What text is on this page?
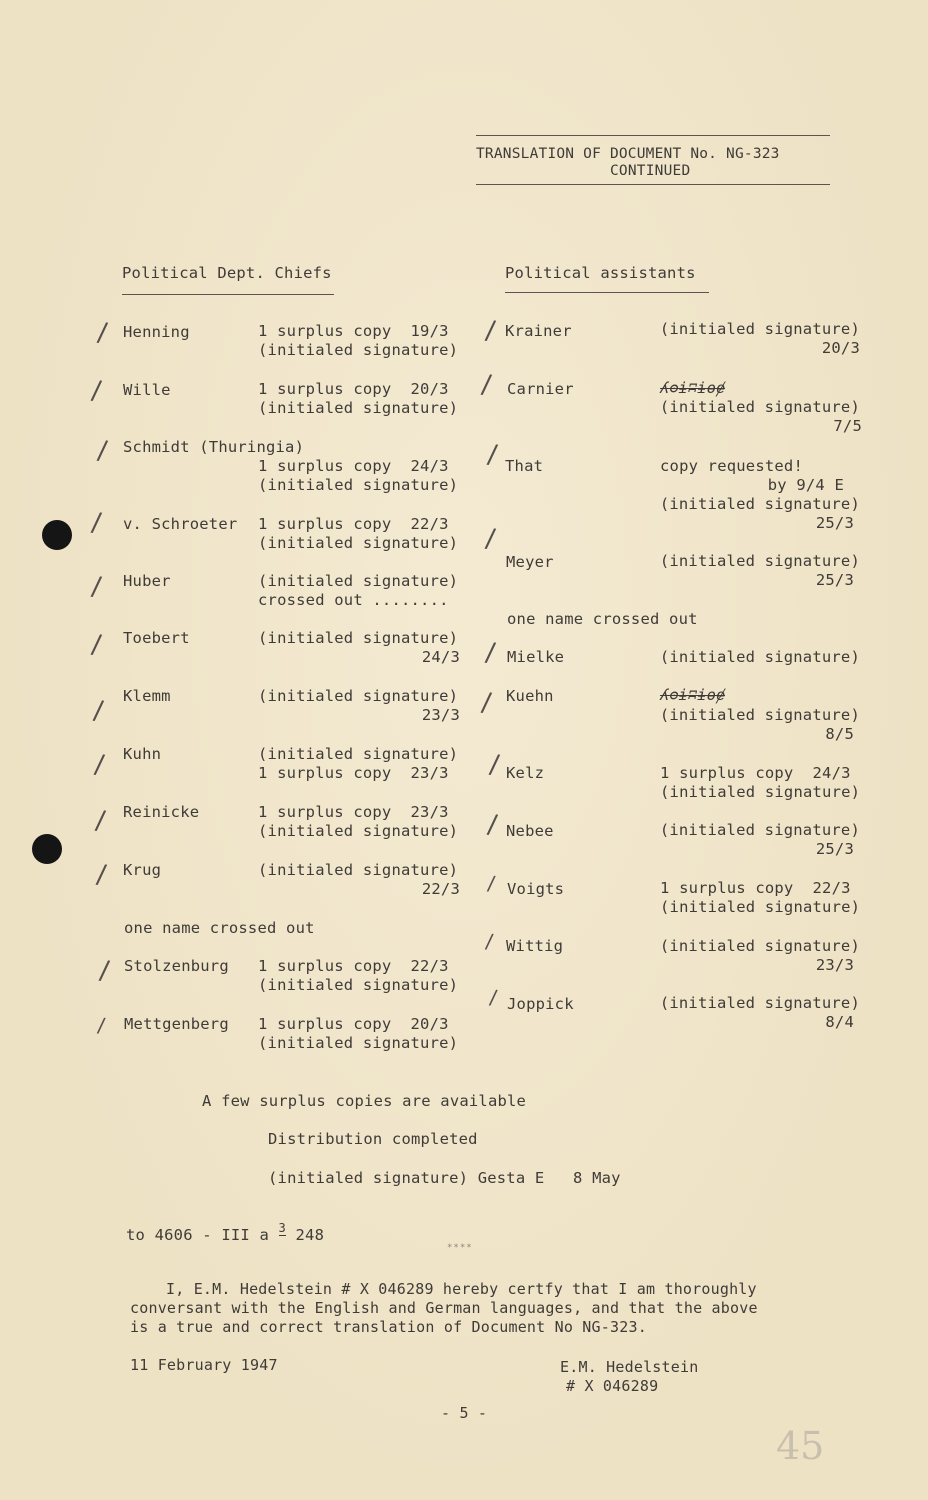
TRANSLATION OF DOCUMENT No. NG-323
CONTINUED
Political Dept. Chiefs	Political assistants
/ Henning	1 surplus copy  19/3
(initialed signature)
/ Wille	1 surplus copy  20/3
(initialed signature)
/ Schmidt (Thuringia)
1 surplus copy  24/3
(initialed signature)
/ v. Schroeter 1 surplus copy  22/3
(initialed signature)
/ Huber	(initialed signature)
crossed out ........
/ Toebert	(initialed signature)
24/3
/ Klemm	(initialed signature)
23/3
/ Kuhn	(initialed signature)
1 surplus copy  23/3
/ Reinicke	1 surplus copy  23/3
(initialed signature)
/ Krug	(initialed signature)
22/3
one name crossed out
/ Stolzenburg 1 surplus copy  22/3
(initialed signature)
/ Mettgenberg 1 surplus copy  20/3
(initialed signature)
/ Krainer	(initialed signature)
20/3
/ Carnier	ʎʘɨʭɨɵɇ
(initialed signature)
7/5
/ That	copy requested!
by 9/4 E
(initialed signature)
25/3
/
Meyer	(initialed signature)
25/3
one name crossed out
/ Mielke	(initialed signature)
/ Kuehn	ʎʘɨʭɨɵɇ
(initialed signature)
8/5
/ Kelz	1 surplus copy  24/3
(initialed signature)
/ Nebee	(initialed signature)
25/3
/ Voigts	1 surplus copy  22/3
(initialed signature)
/ Wittig	(initialed signature)
23/3
/ Joppick	(initialed signature)
8/4
A few surplus copies are available
Distribution completed
(initialed signature) Gesta E   8 May
to 4606 - III a $^3$ 248
****
I, E.M. Hedelstein # X 046289 hereby certfy that I am thoroughly
conversant with the English and German languages, and that the above
is a true and correct translation of Document No NG-323.
11 February 1947	E.M. Hedelstein
# X 046289
- 5 -
45
